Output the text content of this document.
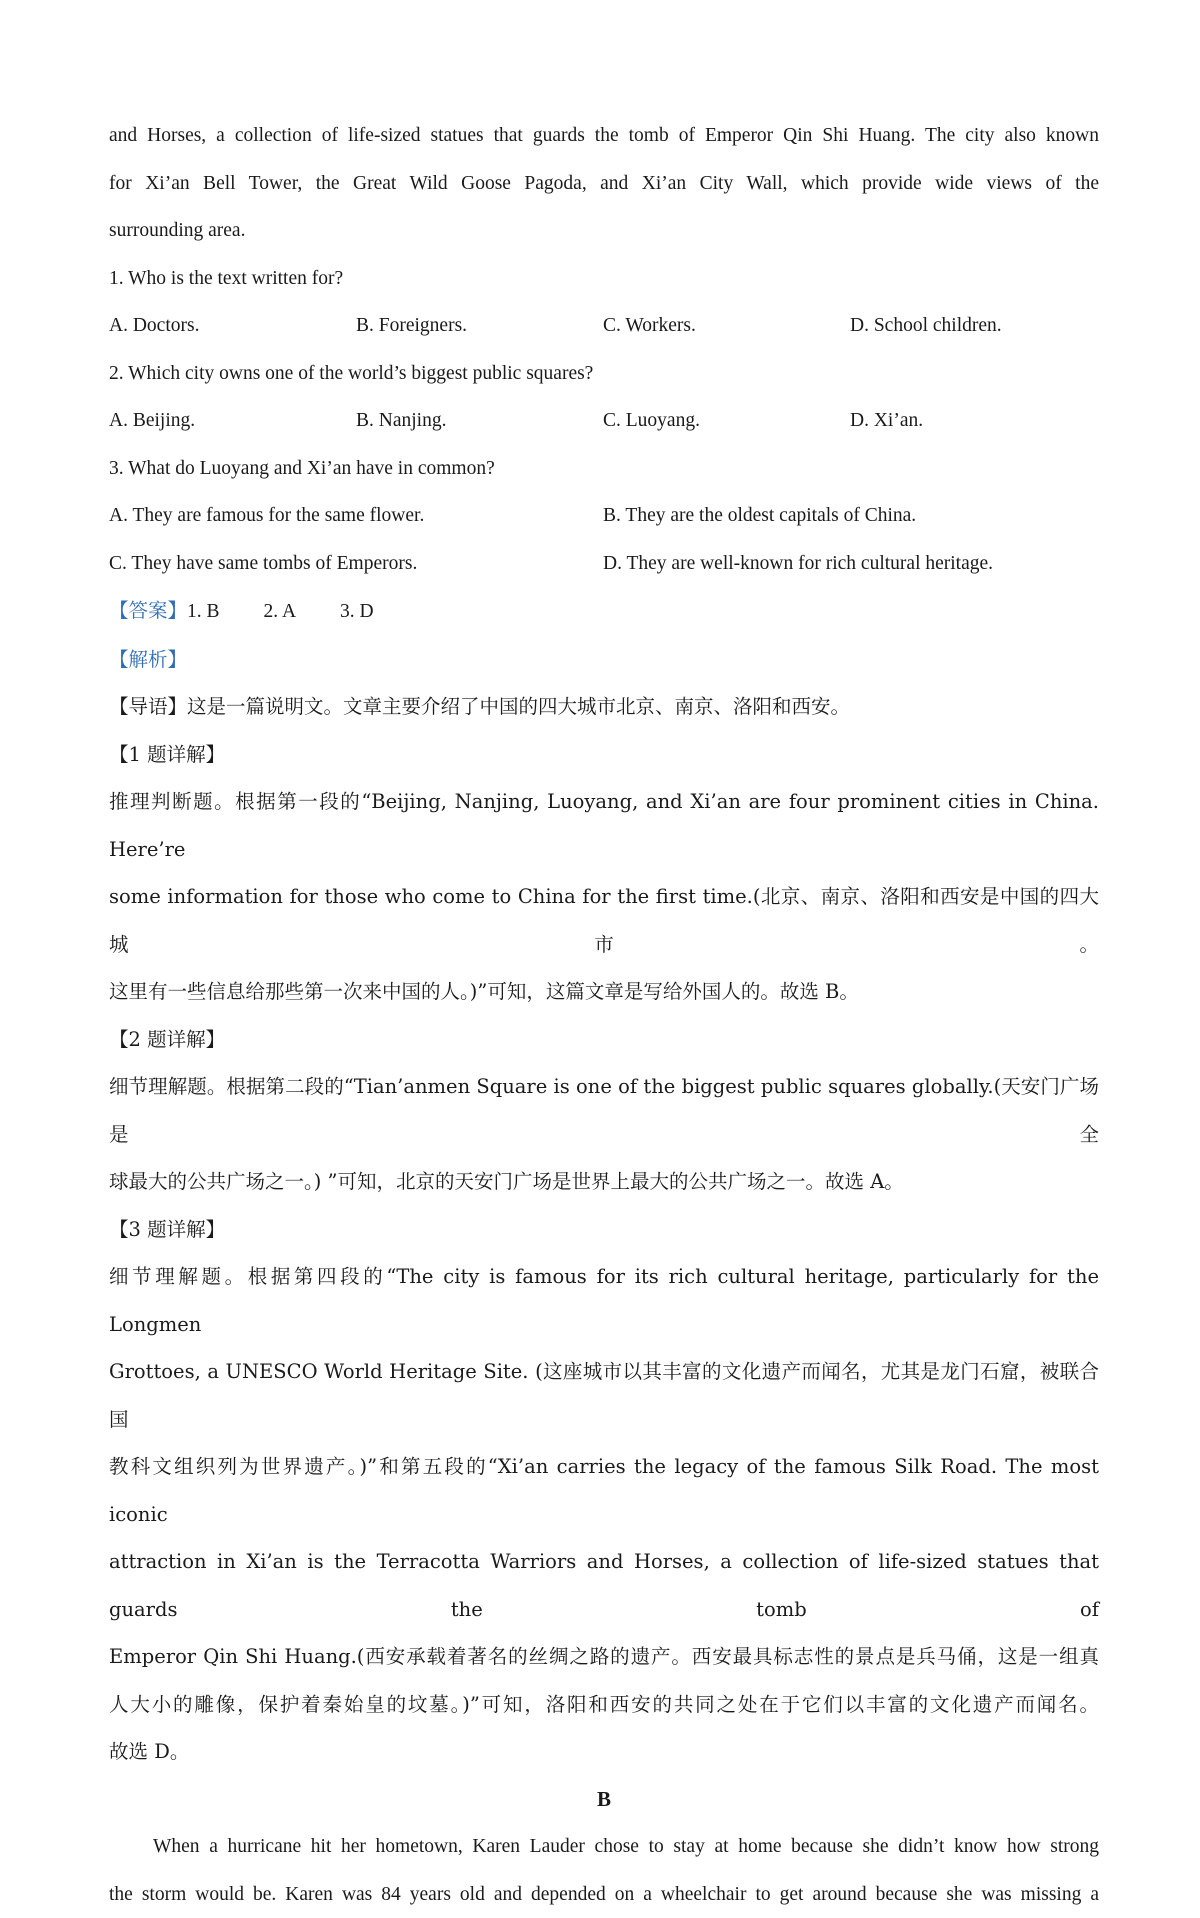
and Horses, a collection of life-sized statues that guards the tomb of Emperor Qin Shi Huang. The city also known

for Xi’an Bell Tower, the Great Wild Goose Pagoda, and Xi’an City Wall, which provide wide views of the

surrounding area.

1. Who is the text written for?

A. Doctors.	B. Foreigners.	C. Workers.	D. School children.

2. Which city owns one of the world’s biggest public squares?

A. Beijing.	B. Nanjing.	C. Luoyang.	D. Xi’an.

3. What do Luoyang and Xi’an have in common?

A. They are famous for the same flower.	B. They are the oldest capitals of China.
C. They have same tombs of Emperors.	D. They are well-known for rich cultural heritage.

【答案】1. B 2. A 3. D

【解析】

【导语】这是一篇说明文。文章主要介绍了中国的四大城市北京、南京、洛阳和西安。

【1 题详解】

推理判断题。根据第一段的“Beijing, Nanjing, Luoyang, and Xi’an are four prominent cities in China. Here’re

some information for those who come to China for the first time.(北京、南京、洛阳和西安是中国的四大城市。

这里有一些信息给那些第一次来中国的人。)”可知，这篇文章是写给外国人的。故选 B。

【2 题详解】

细节理解题。根据第二段的“Tian’anmen Square is one of the biggest public squares globally.(天安门广场是全

球最大的公共广场之一。) ”可知，北京的天安门广场是世界上最大的公共广场之一。故选 A。

【3 题详解】

细节理解题。根据第四段的“The city is famous for its rich cultural heritage, particularly for the Longmen

Grottoes, a UNESCO World Heritage Site. (这座城市以其丰富的文化遗产而闻名，尤其是龙门石窟，被联合国

教科文组织列为世界遗产。)”和第五段的“Xi’an carries the legacy of the famous Silk Road. The most iconic

attraction in Xi’an is the Terracotta Warriors and Horses, a collection of life-sized statues that guards the tomb of

Emperor Qin Shi Huang.(西安承载着著名的丝绸之路的遗产。西安最具标志性的景点是兵马俑，这是一组真

人大小的雕像，保护着秦始皇的坟墓。)”可知，洛阳和西安的共同之处在于它们以丰富的文化遗产而闻名。

故选 D。

B

When a hurricane hit her hometown, Karen Lauder chose to stay at home because she didn’t know how strong

the storm would be. Karen was 84 years old and depended on a wheelchair to get around because she was missing a
